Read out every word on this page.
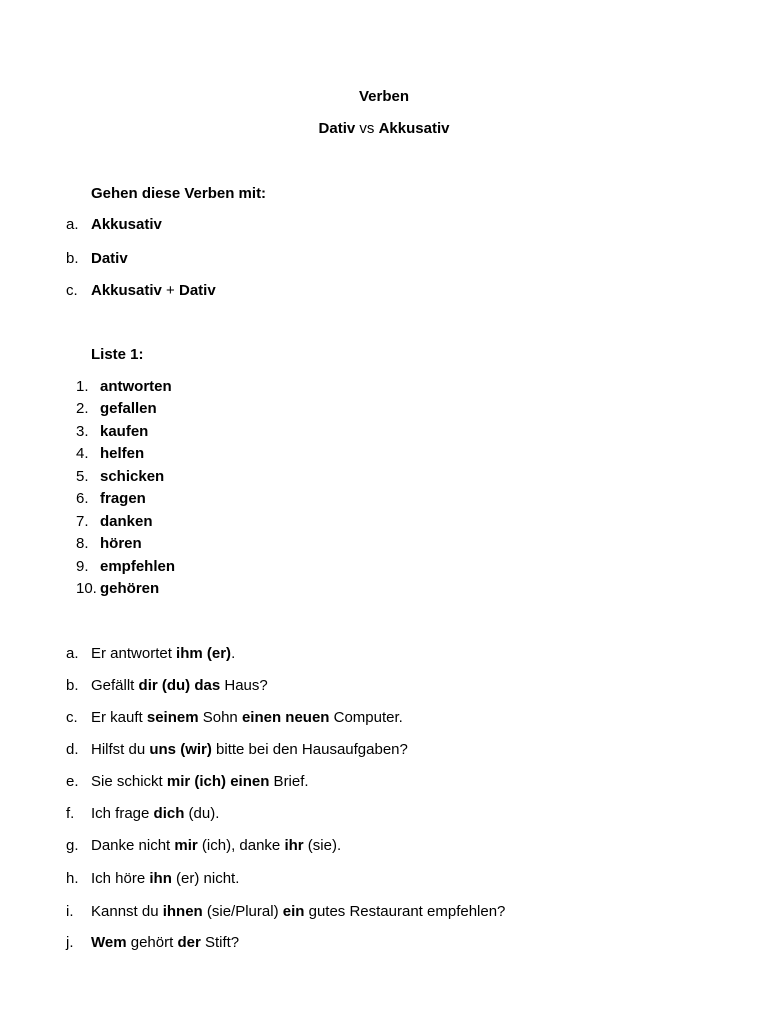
Verben
Dativ vs Akkusativ
Gehen diese Verben mit:
a. Akkusativ
b. Dativ
c. Akkusativ + Dativ
Liste 1:
1. antworten
2. gefallen
3. kaufen
4. helfen
5. schicken
6. fragen
7. danken
8. hören
9. empfehlen
10. gehören
a. Er antwortet ihm (er).
b. Gefällt dir (du) das Haus?
c. Er kauft seinem Sohn einen neuen Computer.
d. Hilfst du uns (wir) bitte bei den Hausaufgaben?
e. Sie schickt mir (ich) einen Brief.
f. Ich frage dich (du).
g. Danke nicht mir (ich), danke ihr (sie).
h. Ich höre ihn (er) nicht.
i. Kannst du ihnen (sie/Plural) ein gutes Restaurant empfehlen?
j. Wem gehört der Stift?
